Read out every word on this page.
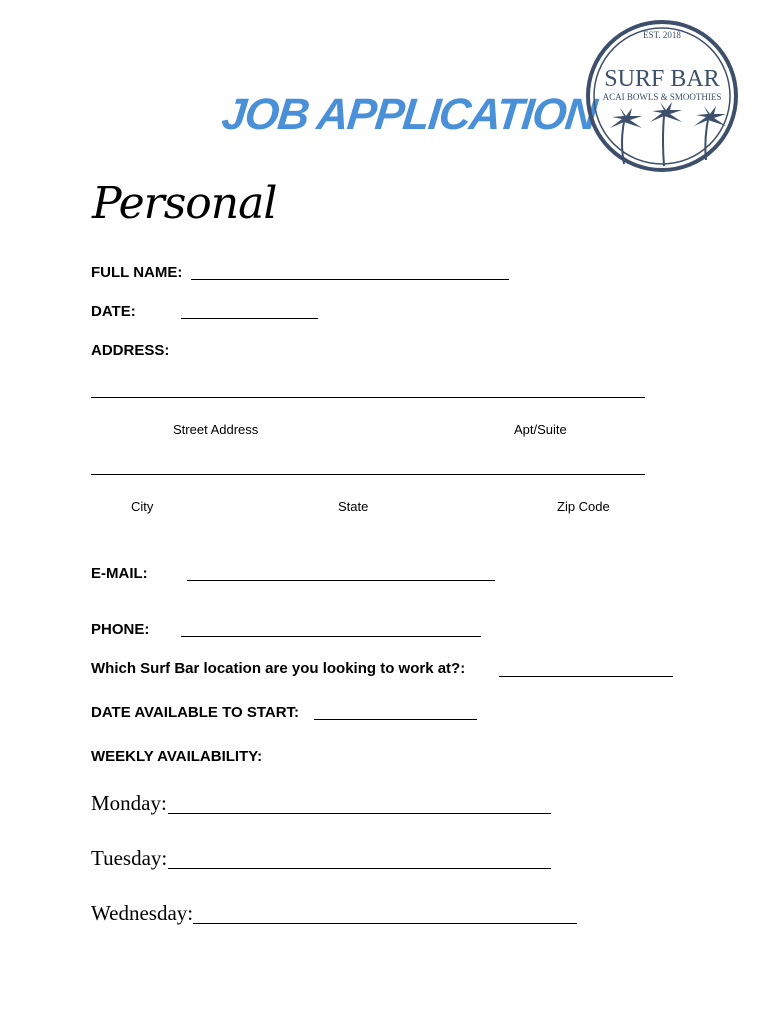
JOB APPLICATION
EST. 2018
SURF BAR
ACAI BOWLS & SMOOTHIES
Personal
FULL NAME:
DATE:
ADDRESS:
Street Address	Apt/Suite
City	State	Zip Code
E-MAIL:
PHONE:
Which Surf Bar location are you looking to work at?:
DATE AVAILABLE TO START:
WEEKLY AVAILABILITY:
Monday:
Tuesday:
Wednesday:
